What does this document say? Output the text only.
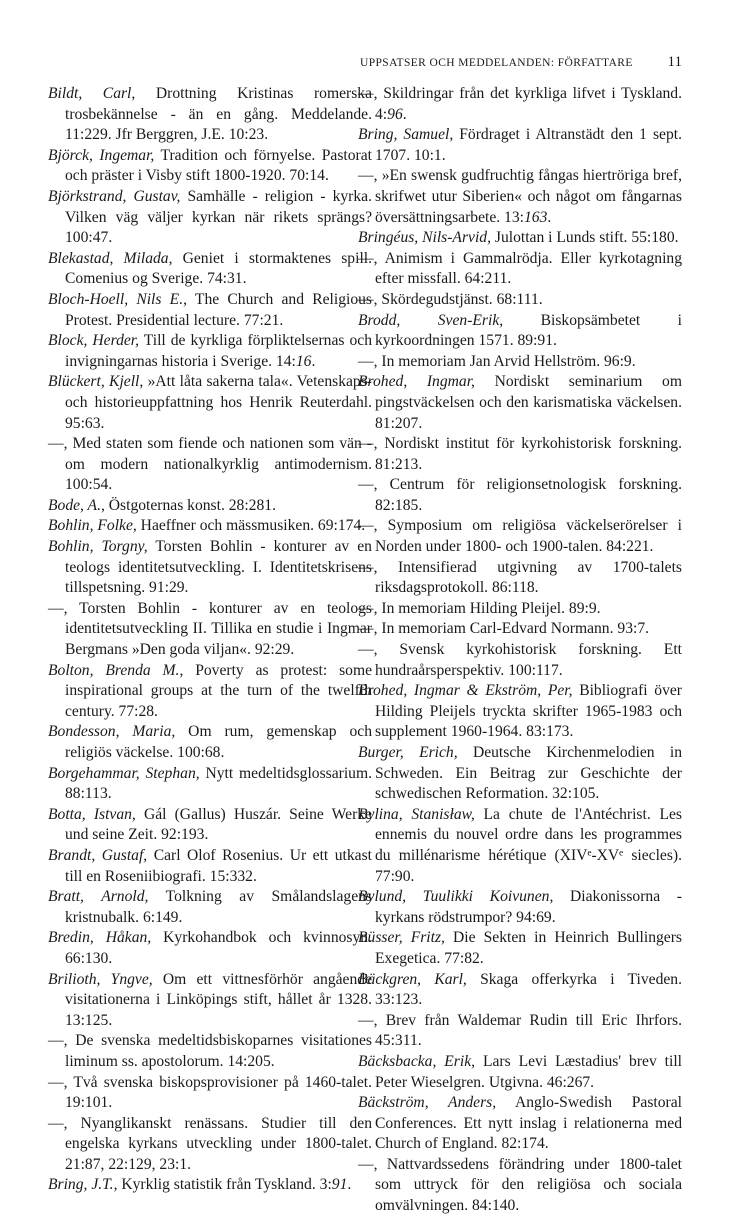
UPPSATSER OCH MEDDELANDEN: FÖRFATTARE 11

Bildt, Carl, Drottning Kristinas romerska trosbekännelse - än en gång. Meddelande. 11:229. Jfr Berggren, J.E. 10:23.

Björck, Ingemar, Tradition och förnyelse. Pastorat och präster i Visby stift 1800-1920. 70:14.

Björkstrand, Gustav, Samhälle - religion - kyrka. Vilken väg väljer kyrkan när rikets sprängs? 100:47.

Blekastad, Milada, Geniet i stormaktenes spill. Comenius og Sverige. 74:31.

Bloch-Hoell, Nils E., The Church and Religious Protest. Presidential lecture. 77:21.

Block, Herder, Till de kyrkliga förpliktelsernas och invigningarnas historia i Sverige. 14:16.

Blückert, Kjell, »Att låta sakerna tala«. Vetenskaps- och historieuppfattning hos Henrik Reuterdahl. 95:63.

—, Med staten som fiende och nationen som vän - om modern nationalkyrklig antimodernism. 100:54.

Bode, A., Östgoternas konst. 28:281.

Bohlin, Folke, Haeffner och mässmusiken. 69:174.

Bohlin, Torgny, Torsten Bohlin - konturer av en teologs identitetsutveckling. I. Identitetskrisens tillspetsning. 91:29.

—, Torsten Bohlin - konturer av en teologs identitetsutveckling II. Tillika en studie i Ingmar Bergmans »Den goda viljan«. 92:29.

Bolton, Brenda M., Poverty as protest: some inspirational groups at the turn of the twelfth century. 77:28.

Bondesson, Maria, Om rum, gemenskap och religiös väckelse. 100:68.

Borgehammar, Stephan, Nytt medeltidsglossarium. 88:113.

Botta, Istvan, Gál (Gallus) Huszár. Seine Werke und seine Zeit. 92:193.

Brandt, Gustaf, Carl Olof Rosenius. Ur ett utkast till en Roseniibiografi. 15:332.

Bratt, Arnold, Tolkning av Smålandslagens kristnubalk. 6:149.

Bredin, Håkan, Kyrkohandbok och kvinnosyn. 66:130.

Brilioth, Yngve, Om ett vittnesförhör angående visitationerna i Linköpings stift, hållet år 1328. 13:125.

—, De svenska medeltidsbiskoparnes visitationes liminum ss. apostolorum. 14:205.

—, Två svenska biskopsprovisioner på 1460-talet. 19:101.

—, Nyanglikanskt renässans. Studier till den engelska kyrkans utveckling under 1800-talet. 21:87, 22:129, 23:1.

Bring, J.T., Kyrklig statistik från Tyskland. 3:91.

—, Skildringar från det kyrkliga lifvet i Tyskland. 4:96.

Bring, Samuel, Fördraget i Altranstädt den 1 sept. 1707. 10:1.

—, »En swensk gudfruchtig fångas hiertröriga bref, skrifwet utur Siberien« och något om fångarnas översättningsarbete. 13:163.

Bringéus, Nils-Arvid, Julottan i Lunds stift. 55:180.

—, Animism i Gammalrödja. Eller kyrkotagning efter missfall. 64:211.

—, Skördegudstjänst. 68:111.

Brodd, Sven-Erik, Biskopsämbetet i kyrkoordningen 1571. 89:91.

—, In memoriam Jan Arvid Hellström. 96:9.

Brohed, Ingmar, Nordiskt seminarium om pingstväckelsen och den karismatiska väckelsen. 81:207.

—, Nordiskt institut för kyrkohistorisk forskning. 81:213.

—, Centrum för religionsetnologisk forskning. 82:185.

—, Symposium om religiösa väckelserörelser i Norden under 1800- och 1900-talen. 84:221.

—, Intensifierad utgivning av 1700-talets riksdagsprotokoll. 86:118.

—, In memoriam Hilding Pleijel. 89:9.

—, In memoriam Carl-Edvard Normann. 93:7.

—, Svensk kyrkohistorisk forskning. Ett hundraårsperspektiv. 100:117.

Brohed, Ingmar & Ekström, Per, Bibliografi över Hilding Pleijels tryckta skrifter 1965-1983 och supplement 1960-1964. 83:173.

Burger, Erich, Deutsche Kirchenmelodien in Schweden. Ein Beitrag zur Geschichte der schwedischen Reformation. 32:105.

Bylina, Stanisław, La chute de l'Antéchrist. Les ennemis du nouvel ordre dans les programmes du millénarisme hérétique (XIVᵉ-XVᵉ siecles). 77:90.

Bylund, Tuulikki Koivunen, Diakonissorna - kyrkans rödstrumpor? 94:69.

Büsser, Fritz, Die Sekten in Heinrich Bullingers Exegetica. 77:82.

Bäckgren, Karl, Skaga offerkyrka i Tiveden. 33:123.

—, Brev från Waldemar Rudin till Eric Ihrfors. 45:311.

Bäcksbacka, Erik, Lars Levi Læstadius' brev till Peter Wieselgren. Utgivna. 46:267.

Bäckström, Anders, Anglo-Swedish Pastoral Conferences. Ett nytt inslag i relationerna med Church of England. 82:174.

—, Nattvardssedens förändring under 1800-talet som uttryck för den religiösa och sociala omvälvningen. 84:140.
